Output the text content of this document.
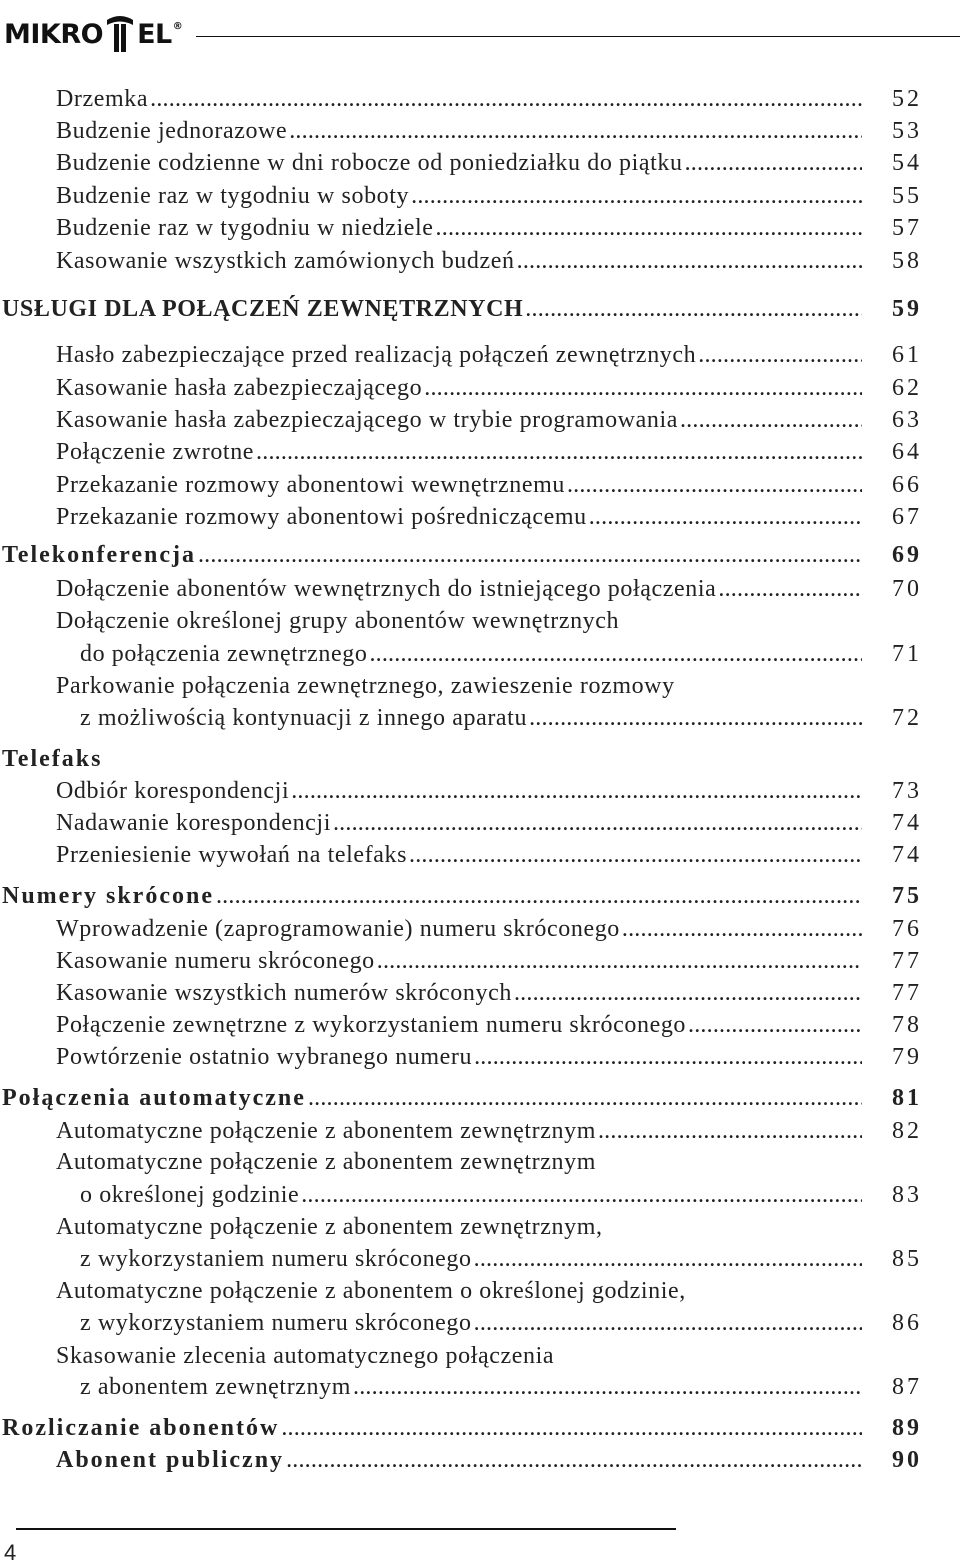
MIKRO EL ®
Drzemka . . .	52
Budzenie jednorazowe . . .	53
Budzenie codzienne w dni robocze od poniedziałku do piątku . . .	54
Budzenie raz w tygodniu w soboty . . .	55
Budzenie raz w tygodniu w niedziele . . .	57
Kasowanie wszystkich zamówionych budzeń . . .	58
USŁUGI DLA POŁĄCZEŃ ZEWNĘTRZNYCH . . .	59
Hasło zabezpieczające przed realizacją połączeń zewnętrznych . . .	61
Kasowanie hasła zabezpieczającego . . .	62
Kasowanie hasła zabezpieczającego w trybie programowania . . .	63
Połączenie zwrotne . . .	64
Przekazanie rozmowy abonentowi wewnętrznemu . . .	66
Przekazanie rozmowy abonentowi pośredniczącemu . . .	67
Telekonferencja . . .	69
Dołączenie abonentów wewnętrznych do istniejącego połączenia . . .	70
Dołączenie określonej grupy abonentów wewnętrznych
do połączenia zewnętrznego . . .	71
Parkowanie połączenia zewnętrznego, zawieszenie rozmowy
z możliwością kontynuacji z innego aparatu . . .	72
Telefaks
Odbiór korespondencji . . .	73
Nadawanie korespondencji . . .	74
Przeniesienie wywołań na telefaks . . .	74
Numery skrócone . . .	75
Wprowadzenie (zaprogramowanie) numeru skróconego . . .	76
Kasowanie numeru skróconego . . .	77
Kasowanie wszystkich numerów skróconych . . .	77
Połączenie zewnętrzne z wykorzystaniem numeru skróconego . . .	78
Powtórzenie ostatnio wybranego numeru . . .	79
Połączenia automatyczne . . .	81
Automatyczne połączenie z abonentem zewnętrznym . . .	82
Automatyczne połączenie z abonentem zewnętrznym
o określonej godzinie . . .	83
Automatyczne połączenie z abonentem zewnętrznym,
z wykorzystaniem numeru skróconego . . .	85
Automatyczne połączenie z abonentem o określonej godzinie,
z wykorzystaniem numeru skróconego . . .	86
Skasowanie zlecenia automatycznego połączenia
z abonentem zewnętrznym . . .	87
Rozliczanie abonentów . . .	89
Abonent publiczny . . .	90
4
